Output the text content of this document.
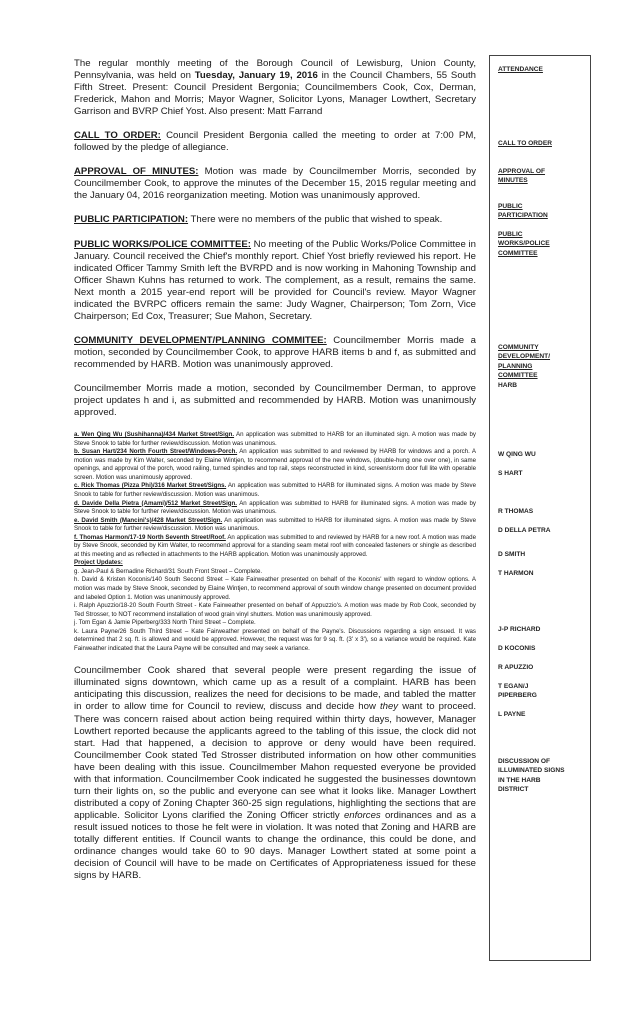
The regular monthly meeting of the Borough Council of Lewisburg, Union County, Pennsylvania, was held on Tuesday, January 19, 2016 in the Council Chambers, 55 South Fifth Street. Present: Council President Bergonia; Councilmembers Cook, Cox, Derman, Frederick, Mahon and Morris; Mayor Wagner, Solicitor Lyons, Manager Lowthert, Secretary Garrison and BVRP Chief Yost. Also present: Matt Farrand

CALL TO ORDER: Council President Bergonia called the meeting to order at 7:00 PM, followed by the pledge of allegiance.

APPROVAL OF MINUTES: Motion was made by Councilmember Morris, seconded by Councilmember Cook, to approve the minutes of the December 15, 2015 regular meeting and the January 04, 2016 reorganization meeting. Motion was unanimously approved.

PUBLIC PARTICIPATION: There were no members of the public that wished to speak.

PUBLIC WORKS/POLICE COMMITTEE: No meeting of the Public Works/Police Committee in January. Council received the Chief's monthly report. Chief Yost briefly reviewed his report. He indicated Officer Tammy Smith left the BVRPD and is now working in Mahoning Township and Officer Shawn Kuhns has returned to work. The complement, as a result, remains the same. Next month a 2015 year-end report will be provided for Council's review. Mayor Wagner indicated the BVRPC officers remain the same: Judy Wagner, Chairperson; Tom Zorn, Vice Chairperson; Ed Cox, Treasurer; Sue Mahon, Secretary.

COMMUNITY DEVELOPMENT/PLANNING COMMITEE: Councilmember Morris made a motion, seconded by Councilmember Cook, to approve HARB items b and f, as submitted and recommended by HARB. Motion was unanimously approved.

Councilmember Morris made a motion, seconded by Councilmember Derman, to approve project updates h and i, as submitted and recommended by HARB. Motion was unanimously approved.

a. Wen Qing Wu (Sushihanna)/434 Market Street/Sign. An application was submitted to HARB for an illuminated sign. A motion was made by Steve Snook to table for further review/discussion. Motion was unanimous.

b. Susan Hart/234 North Fourth Street/Windows-Porch. An application was submitted to and reviewed by HARB for windows and a porch. A motion was made by Kim Walter, seconded by Elaine Wintjen, to recommend approval of the new windows, (double-hung one over one), in same openings, and approval of the porch, wood railing, turned spindles and top rail, steps reconstructed in kind, screen/storm door full lite with operable screen. Motion was unanimously approved.

c. Rick Thomas (Pizza Phi)/316 Market Street/Signs. An application was submitted to HARB for illuminated signs. A motion was made by Steve Snook to table for further review/discussion. Motion was unanimous.

d. Davide Della Pietra (Amami)/512 Market Street/Sign. An application was submitted to HARB for illuminated signs. A motion was made by Steve Snook to table for further review/discussion. Motion was unanimous.

e. David Smith (Mancini's)/428 Market Street/Sign. An application was submitted to HARB for illuminated signs. A motion was made by Steve Snook to table for further review/discussion. Motion was unanimous.

f. Thomas Harmon/17-19 North Seventh Street/Roof. An application was submitted to and reviewed by HARB for a new roof. A motion was made by Steve Snook, seconded by Kim Walter, to recommend approval for a standing seam metal roof with concealed fasteners or shingle as described at this meeting and as reflected in attachments to the HARB application. Motion was unanimously approved.

Project Updates:

g. Jean-Paul & Bernadine Richard/31 South Front Street – Complete.

h. David & Kristen Koconis/140 South Second Street – Kate Fairweather presented on behalf of the Koconis' with regard to window options. A motion was made by Steve Snook, seconded by Elaine Wintjen, to recommend approval of south window change presented on document provided and labeled Option 1. Motion was unanimously approved.

i. Ralph Apuzzio/18-20 South Fourth Street - Kate Fairweather presented on behalf of Appuzzio's. A motion was made by Rob Cook, seconded by Ted Strosser, to NOT recommend installation of wood grain vinyl shutters. Motion was unanimously approved.

j. Tom Egan & Jamie Piperberg/333 North Third Street – Complete.

k. Laura Payne/26 South Third Street – Kate Fairweather presented on behalf of the Payne's. Discussions regarding a sign ensued. It was determined that 2 sq. ft. is allowed and would be approved. However, the request was for 9 sq. ft. (3' x 3'), so a variance would be required. Kate Fairweather indicated that the Laura Payne will be consulted and may seek a variance.

Councilmember Cook shared that several people were present regarding the issue of illuminated signs downtown, which came up as a result of a complaint. HARB has been anticipating this discussion, realizes the need for decisions to be made, and tabled the matter in order to allow time for Council to review, discuss and decide how they want to proceed. There was concern raised about action being required within thirty days, however, Manager Lowthert reported because the applicants agreed to the tabling of this issue, the clock did not start. Had that happened, a decision to approve or deny would have been required. Councilmember Cook stated Ted Strosser distributed information on how other communities have been dealing with this issue. Councilmember Mahon requested everyone be provided with that information. Councilmember Cook indicated he suggested the businesses downtown turn their lights on, so the public and everyone can see what it looks like. Manager Lowthert distributed a copy of Zoning Chapter 360-25 sign regulations, highlighting the sections that are applicable. Solicitor Lyons clarified the Zoning Officer strictly enforces ordinances and as a result issued notices to those he felt were in violation. It was noted that Zoning and HARB are totally different entities. If Council wants to change the ordinance, this could be done, and ordinance changes would take 60 to 90 days. Manager Lowthert stated at some point a decision of Council will have to be made on Certificates of Appropriateness issued for these signs by HARB.

ATTENDANCE
CALL TO ORDER
APPROVAL OF
MINUTES
PUBLIC
PARTICIPATION
PUBLIC
WORKS/POLICE
COMMITTEE
COMMUNITY
DEVELOPMENT/
PLANNING
COMMITTEE
HARB
W QING WU
S HART
R THOMAS
D DELLA PETRA
D SMITH
T HARMON
J-P RICHARD
D KOCONIS
R APUZZIO
T EGAN/J
PIPERBERG
L PAYNE
DISCUSSION OF
ILLUMINATED SIGNS
IN THE HARB
DISTRICT
